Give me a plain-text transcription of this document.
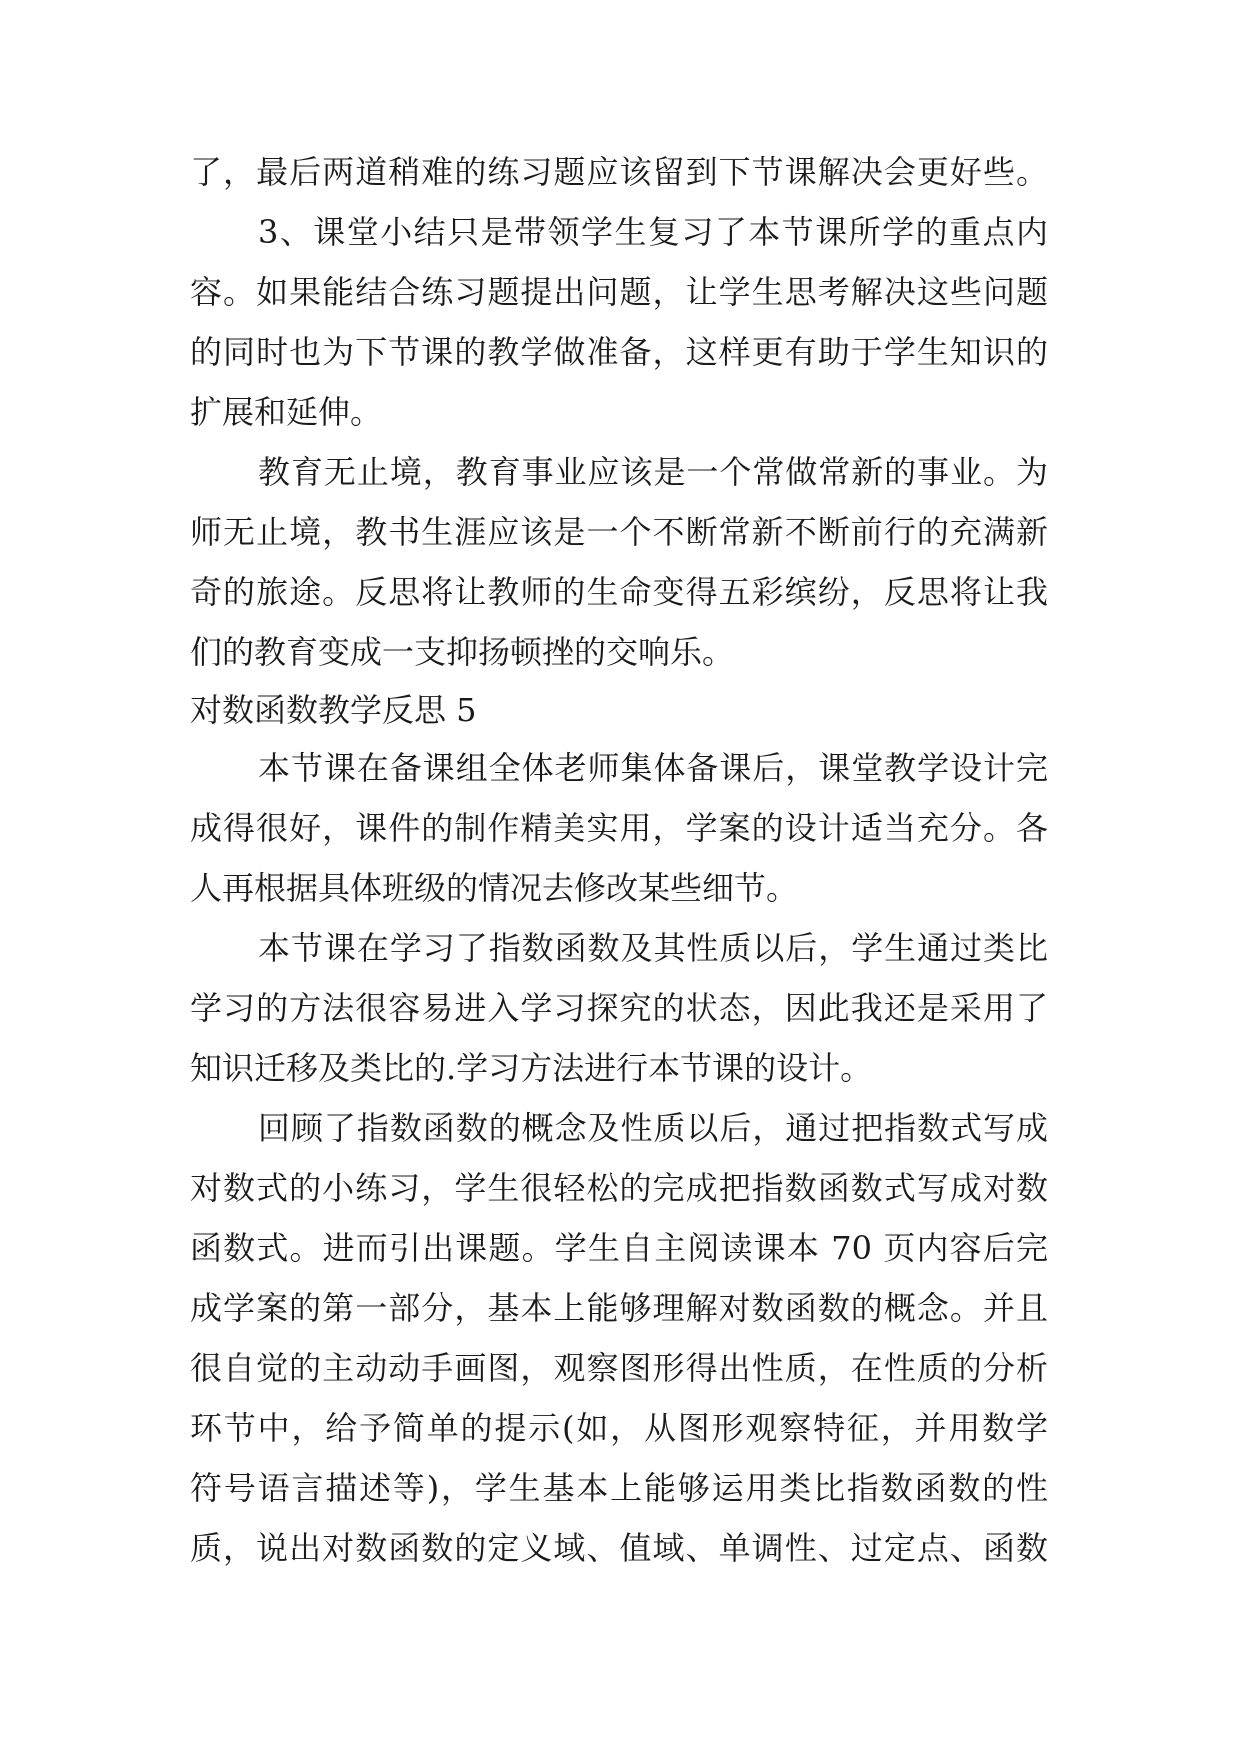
了，最后两道稍难的练习题应该留到下节课解决会更好些。
3、课堂小结只是带领学生复习了本节课所学的重点内
容。如果能结合练习题提出问题，让学生思考解决这些问题
的同时也为下节课的教学做准备，这样更有助于学生知识的
扩展和延伸。
教育无止境，教育事业应该是一个常做常新的事业。为
师无止境，教书生涯应该是一个不断常新不断前行的充满新
奇的旅途。反思将让教师的生命变得五彩缤纷，反思将让我
们的教育变成一支抑扬顿挫的交响乐。
对数函数教学反思 5
本节课在备课组全体老师集体备课后，课堂教学设计完
成得很好，课件的制作精美实用，学案的设计适当充分。各
人再根据具体班级的情况去修改某些细节。
本节课在学习了指数函数及其性质以后，学生通过类比
学习的方法很容易进入学习探究的状态，因此我还是采用了
知识迁移及类比的.学习方法进行本节课的设计。
回顾了指数函数的概念及性质以后，通过把指数式写成
对数式的小练习，学生很轻松的完成把指数函数式写成对数
函数式。进而引出课题。学生自主阅读课本 70 页内容后完
成学案的第一部分，基本上能够理解对数函数的概念。并且
很自觉的主动动手画图，观察图形得出性质，在性质的分析
环节中，给予简单的提示(如，从图形观察特征，并用数学
符号语言描述等)，学生基本上能够运用类比指数函数的性
质，说出对数函数的定义域、值域、单调性、过定点、函数
